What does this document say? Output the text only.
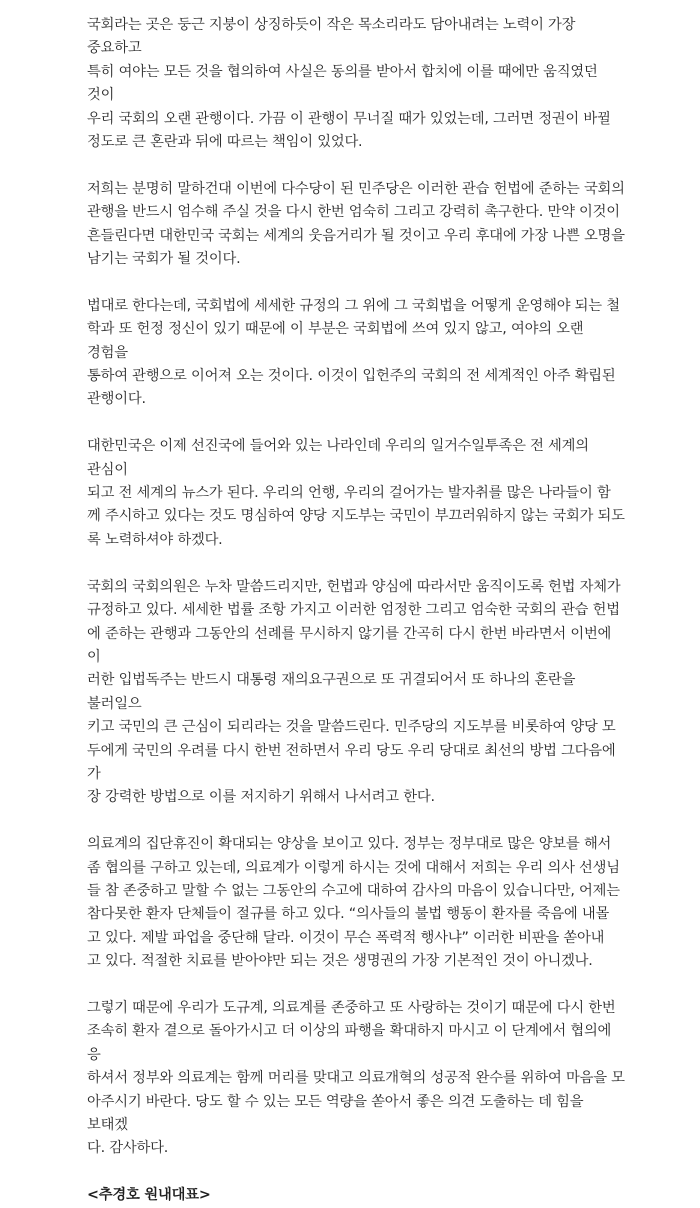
국회라는 곳은 둥근 지붕이 상징하듯이 작은 목소리라도 담아내려는 노력이 가장 중요하고
특히 여야는 모든 것을 협의하여 사실은 동의를 받아서 합치에 이를 때에만 움직였던 것이
우리 국회의 오랜 관행이다. 가끔 이 관행이 무너질 때가 있었는데, 그러면 정권이 바뀔
정도로 큰 혼란과 뒤에 따르는 책임이 있었다.

저희는 분명히 말하건대 이번에 다수당이 된 민주당은 이러한 관습 헌법에 준하는 국회의
관행을 반드시 엄수해 주실 것을 다시 한번 엄숙히 그리고 강력히 촉구한다. 만약 이것이
흔들린다면 대한민국 국회는 세계의 웃음거리가 될 것이고 우리 후대에 가장 나쁜 오명을
남기는 국회가 될 것이다.

법대로 한다는데, 국회법에 세세한 규정의 그 위에 그 국회법을 어떻게 운영해야 되는 철
학과 또 헌정 정신이 있기 때문에 이 부분은 국회법에 쓰여 있지 않고, 여야의 오랜 경험을
통하여 관행으로 이어져 오는 것이다. 이것이 입헌주의 국회의 전 세계적인 아주 확립된
관행이다.

대한민국은 이제 선진국에 들어와 있는 나라인데 우리의 일거수일투족은 전 세계의 관심이
되고 전 세계의 뉴스가 된다. 우리의 언행, 우리의 걸어가는 발자취를 많은 나라들이 함
께 주시하고 있다는 것도 명심하여 양당 지도부는 국민이 부끄러워하지 않는 국회가 되도
록 노력하셔야 하겠다.

국회의 국회의원은 누차 말씀드리지만, 헌법과 양심에 따라서만 움직이도록 헌법 자체가
규정하고 있다. 세세한 법률 조항 가지고 이러한 엄정한 그리고 엄숙한 국회의 관습 헌법
에 준하는 관행과 그동안의 선례를 무시하지 않기를 간곡히 다시 한번 바라면서 이번에 이
러한 입법독주는 반드시 대통령 재의요구권으로 또 귀결되어서 또 하나의 혼란을 불러일으
키고 국민의 큰 근심이 되리라는 것을 말씀드린다. 민주당의 지도부를 비롯하여 양당 모
두에게 국민의 우려를 다시 한번 전하면서 우리 당도 우리 당대로 최선의 방법 그다음에 가
장 강력한 방법으로 이를 저지하기 위해서 나서려고 한다.

의료계의 집단휴진이 확대되는 양상을 보이고 있다. 정부는 정부대로 많은 양보를 해서
좀 협의를 구하고 있는데, 의료계가 이렇게 하시는 것에 대해서 저희는 우리 의사 선생님
들 참 존중하고 말할 수 없는 그동안의 수고에 대하여 감사의 마음이 있습니다만, 어제는
참다못한 환자 단체들이 절규를 하고 있다. “의사들의 불법 행동이 환자를 죽음에 내몰
고 있다. 제발 파업을 중단해 달라. 이것이 무슨 폭력적 행사냐” 이러한 비판을 쏟아내
고 있다. 적절한 치료를 받아야만 되는 것은 생명권의 가장 기본적인 것이 아니겠나.

그렇기 때문에 우리가 도규계, 의료계를 존중하고 또 사랑하는 것이기 때문에 다시 한번
조속히 환자 곁으로 돌아가시고 더 이상의 파행을 확대하지 마시고 이 단계에서 협의에 응
하셔서 정부와 의료계는 함께 머리를 맞대고 의료개혁의 성공적 완수를 위하여 마음을 모
아주시기 바란다. 당도 할 수 있는 모든 역량을 쏟아서 좋은 의견 도출하는 데 힘을 보태겠
다. 감사하다.

<추경호 원내대표>
